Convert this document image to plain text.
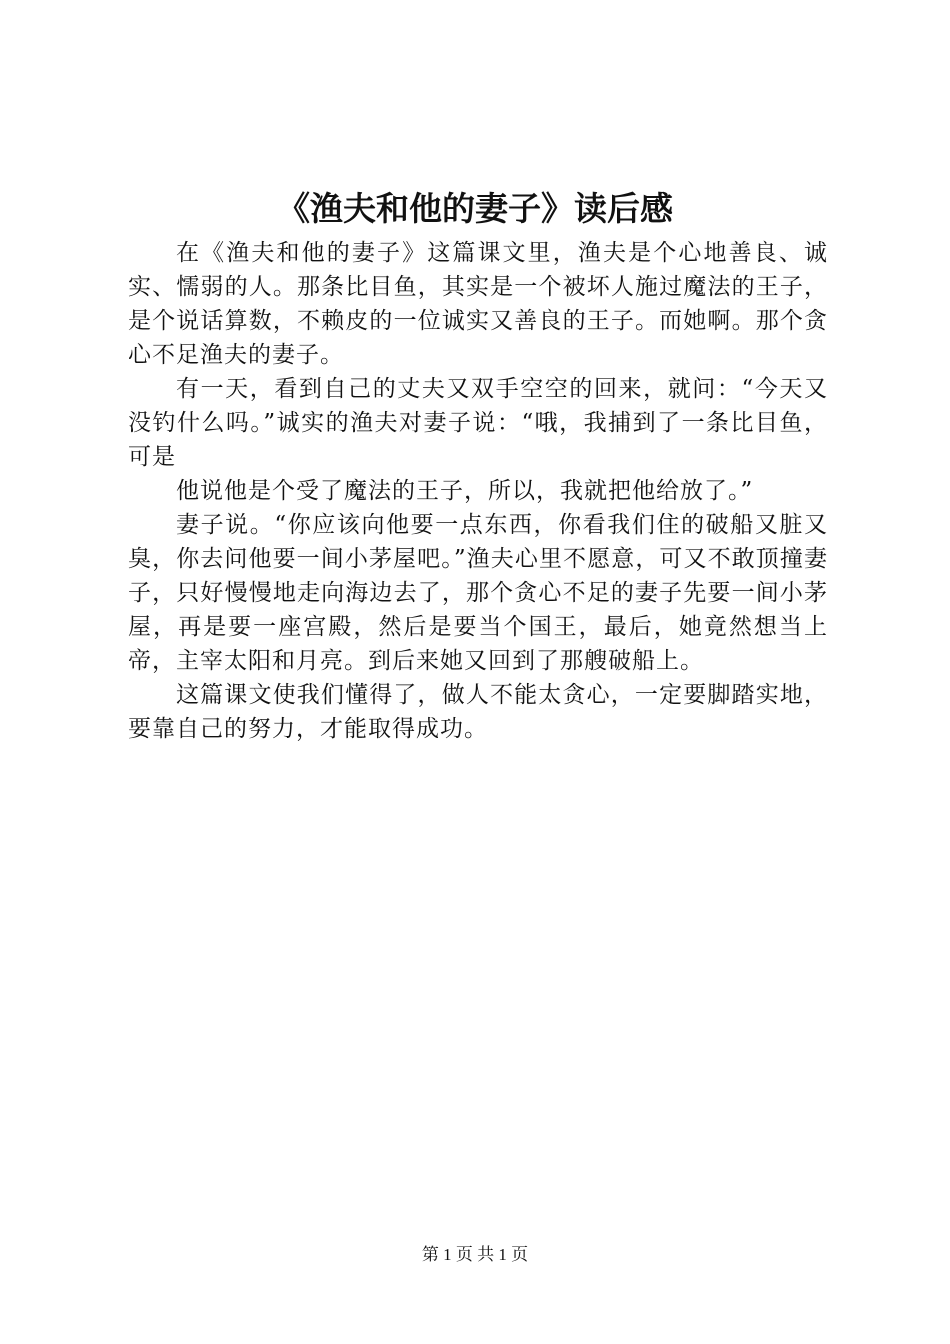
《渔夫和他的妻子》读后感

在《渔夫和他的妻子》这篇课文里，渔夫是个心地善良、诚实、懦弱的人。那条比目鱼，其实是一个被坏人施过魔法的王子，是个说话算数，不赖皮的一位诚实又善良的王子。而她啊。那个贪心不足渔夫的妻子。

有一天，看到自己的丈夫又双手空空的回来，就问：“今天又没钓什么吗。”诚实的渔夫对妻子说：“哦，我捕到了一条比目鱼，可是

他说他是个受了魔法的王子，所以，我就把他给放了。”

妻子说。“你应该向他要一点东西，你看我们住的破船又脏又臭，你去问他要一间小茅屋吧。”渔夫心里不愿意，可又不敢顶撞妻子，只好慢慢地走向海边去了，那个贪心不足的妻子先要一间小茅屋，再是要一座宫殿，然后是要当个国王，最后，她竟然想当上帝，主宰太阳和月亮。到后来她又回到了那艘破船上。

这篇课文使我们懂得了，做人不能太贪心，一定要脚踏实地，要靠自己的努力，才能取得成功。

第 1 页 共 1 页
